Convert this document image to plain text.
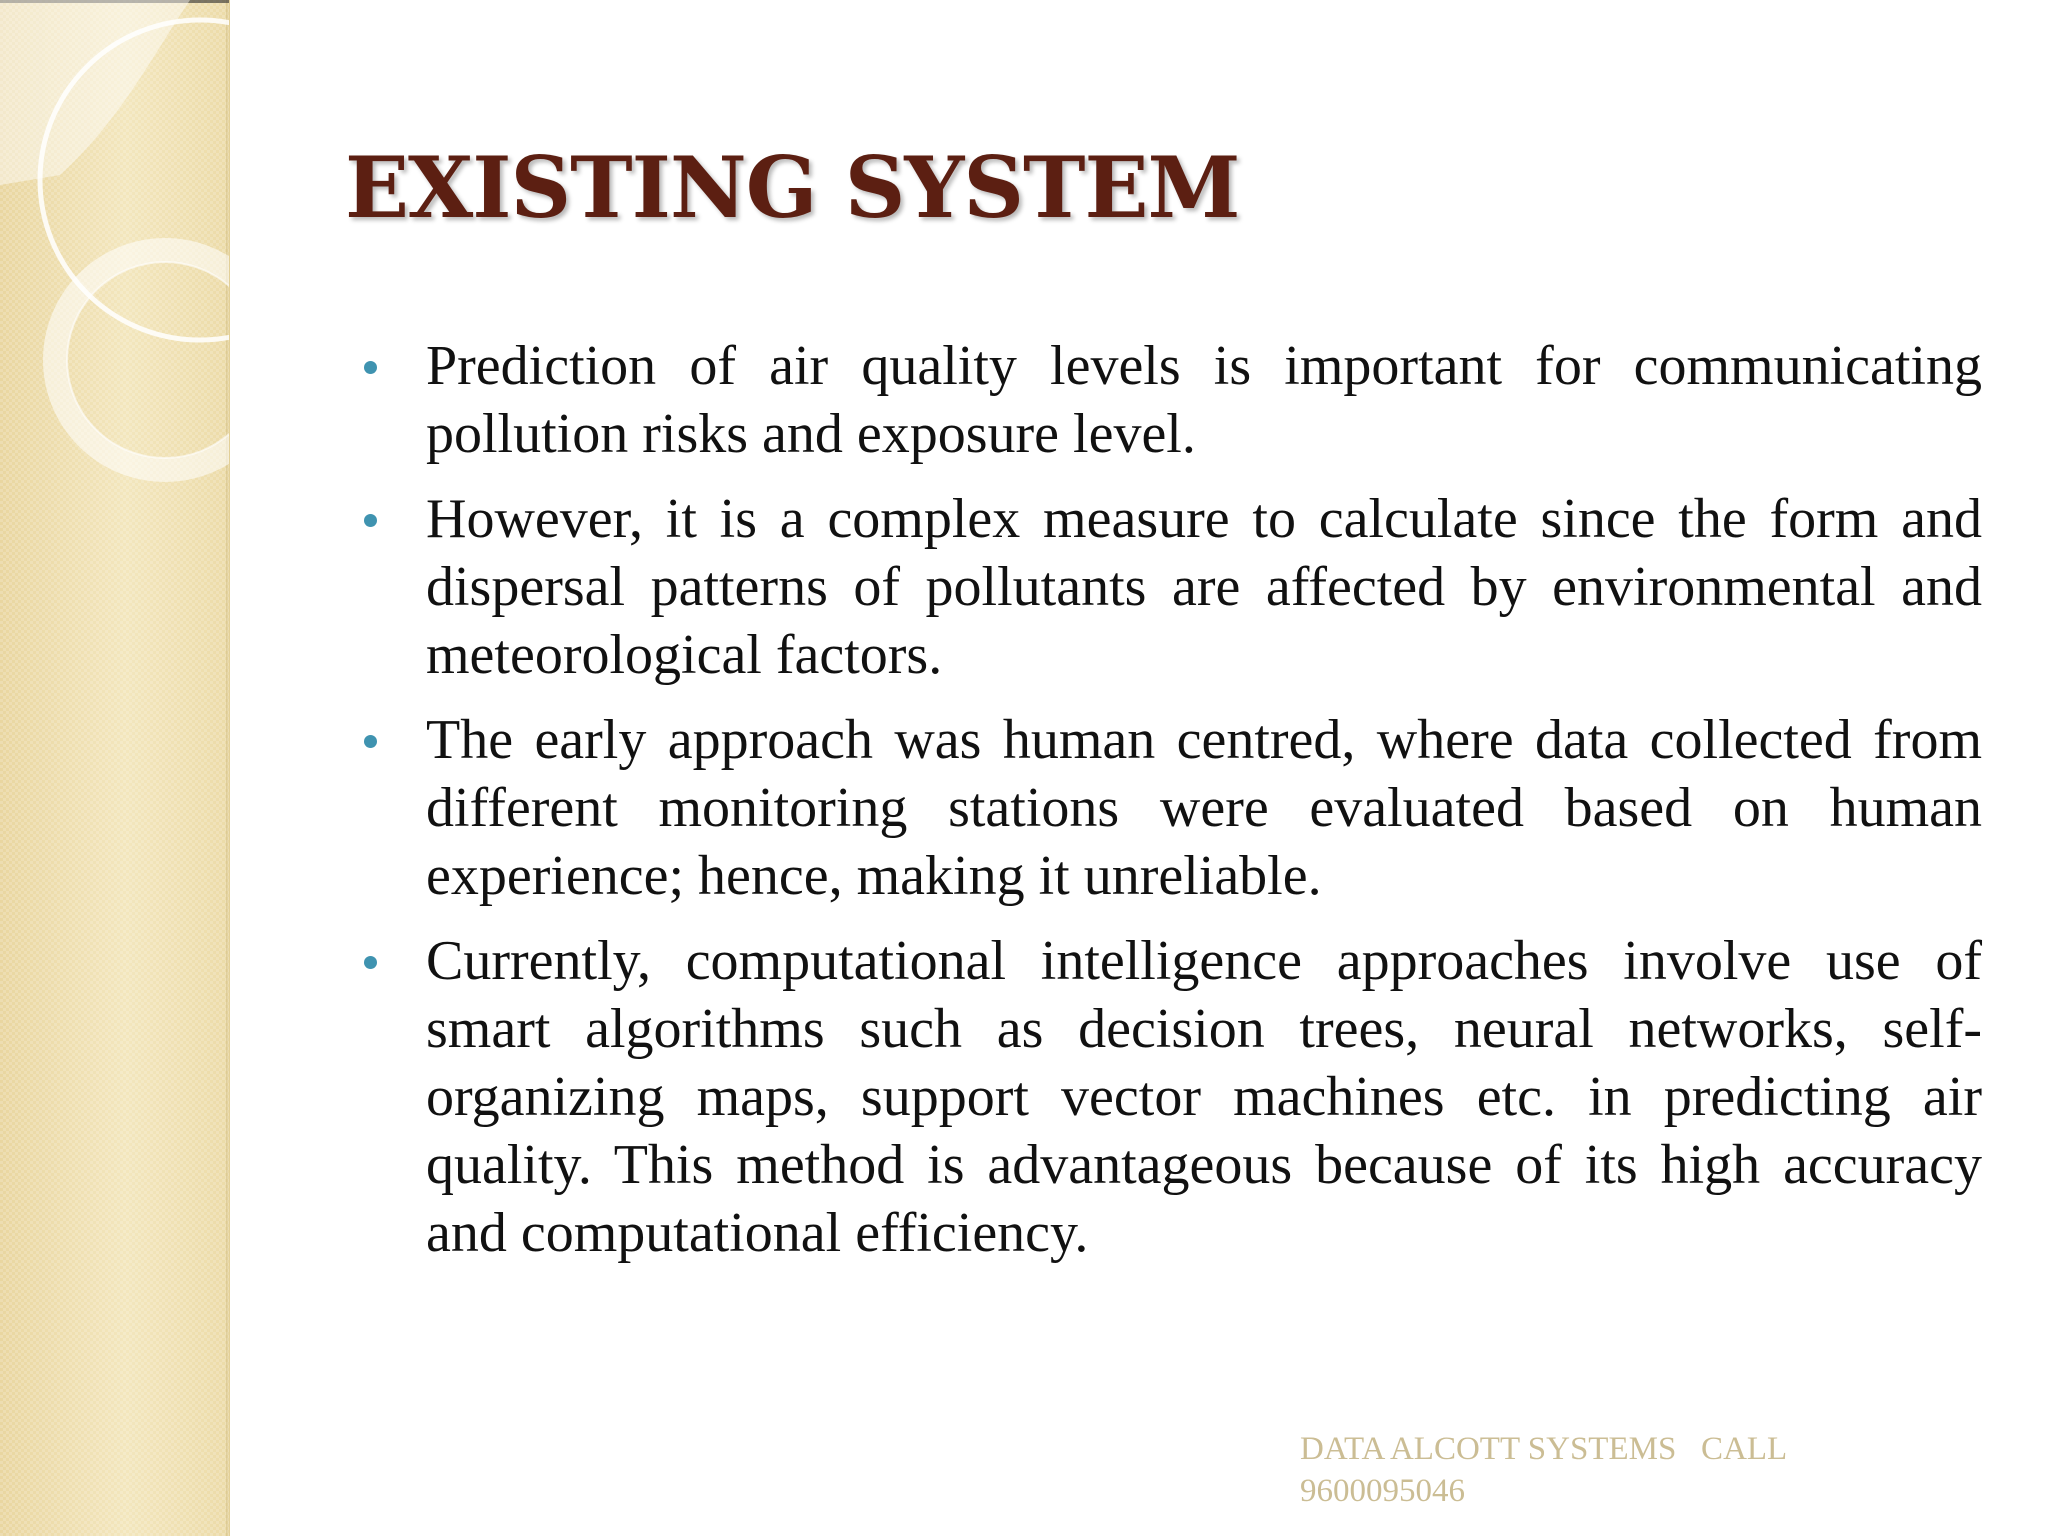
EXISTING SYSTEM
Prediction of air quality levels is important for communicating pollution risks and exposure level.
However, it is a complex measure to calculate since the form and dispersal patterns of pollutants are affected by environmental and meteorological factors.
The early approach was human centred, where data collected from different monitoring stations were evaluated based on human experience; hence, making it unreliable.
Currently, computational intelligence approaches involve use of smart algorithms such as decision trees, neural networks, self-organizing maps, support vector machines etc. in predicting air quality. This method is advantageous because of its high accuracy and computational efficiency.
DATA ALCOTT SYSTEMS   CALL
9600095046
